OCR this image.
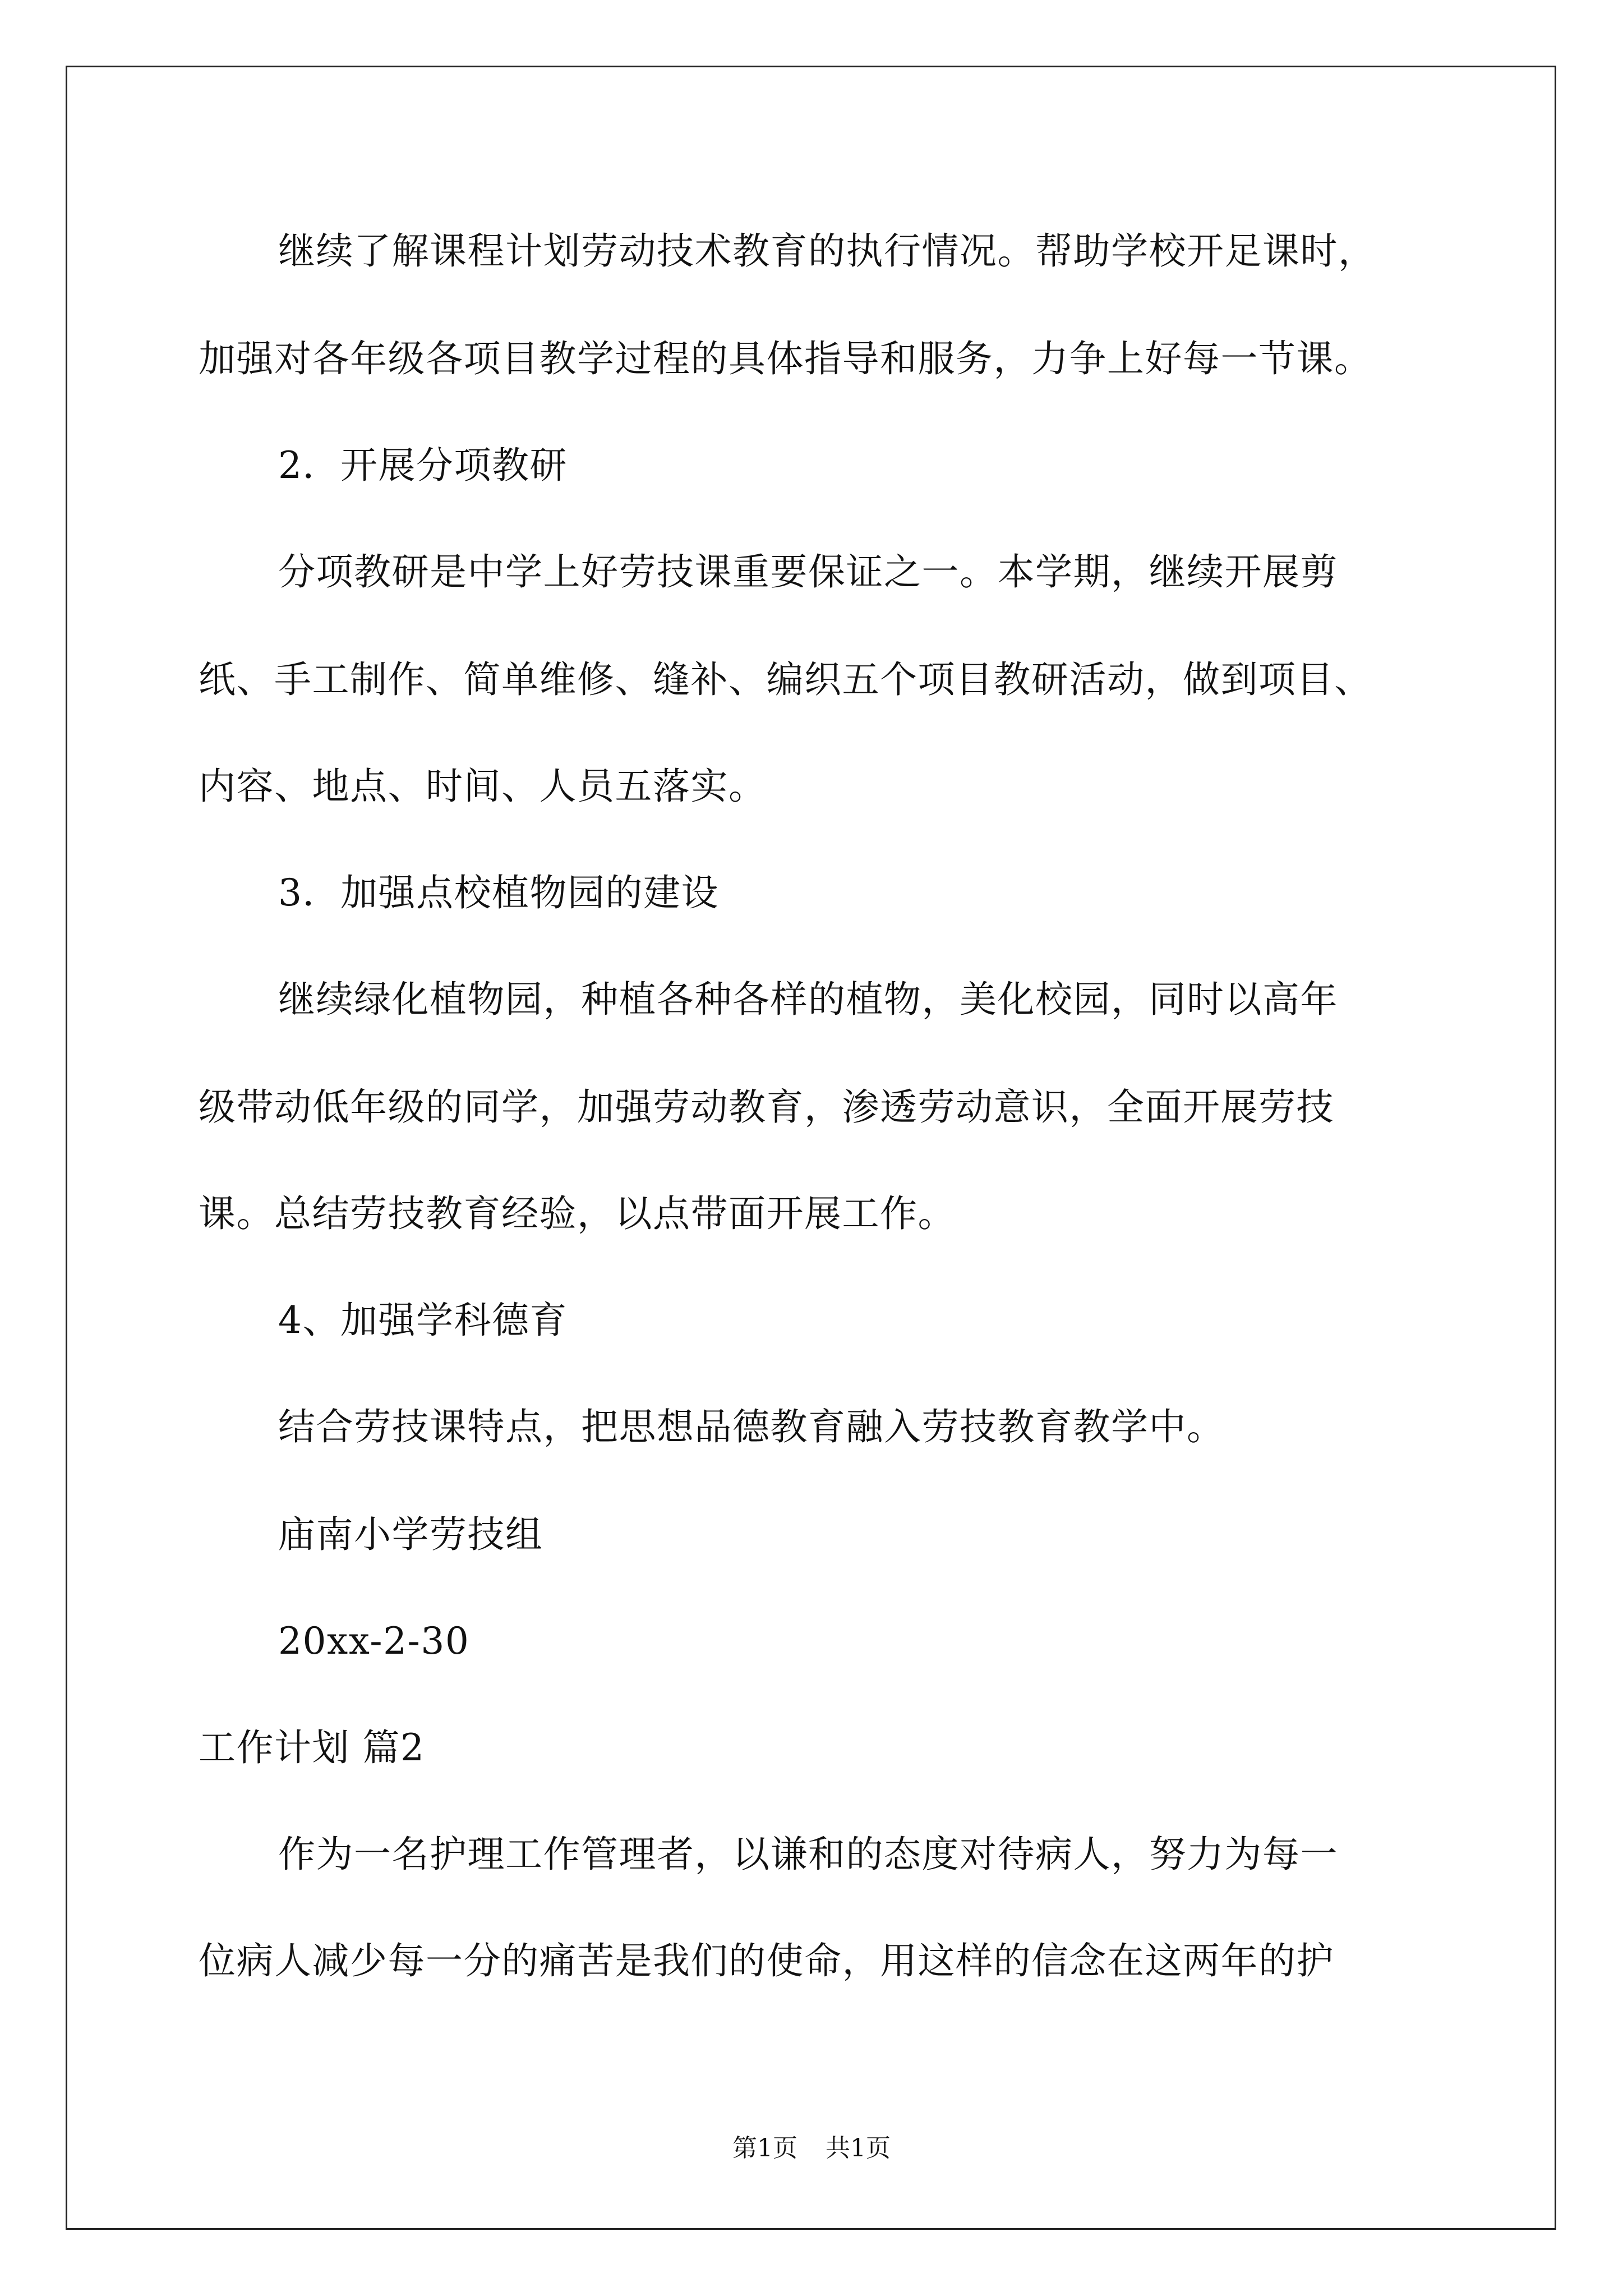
继续了解课程计划劳动技术教育的执行情况。帮助学校开足课时，
加强对各年级各项目教学过程的具体指导和服务，力争上好每一节课。
2．开展分项教研
分项教研是中学上好劳技课重要保证之一。本学期，继续开展剪
纸、手工制作、简单维修、缝补、编织五个项目教研活动，做到项目、
内容、地点、时间、人员五落实。
3．加强点校植物园的建设
继续绿化植物园，种植各种各样的植物，美化校园，同时以高年
级带动低年级的同学，加强劳动教育，渗透劳动意识，全面开展劳技
课。总结劳技教育经验，以点带面开展工作。
4、加强学科德育
结合劳技课特点，把思想品德教育融入劳技教育教学中。
庙南小学劳技组
20xx-2-30
工作计划 篇2
作为一名护理工作管理者，以谦和的态度对待病人，努力为每一
位病人减少每一分的痛苦是我们的使命，用这样的信念在这两年的护
第1页 共1页
